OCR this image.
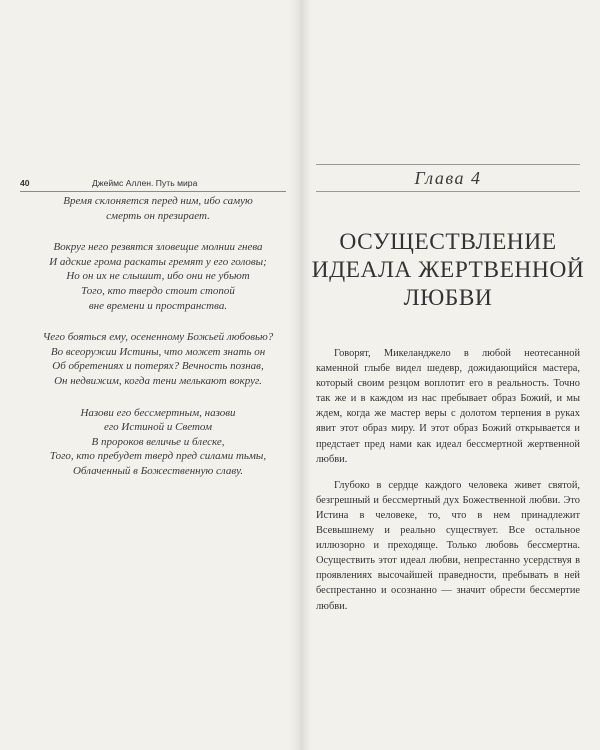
40	Джеймс Аллен. Путь мира
Время склоняется перед ним, ибо самую
смерть он презирает.
Вокруг него резвятся зловещие молнии гнева
И адские грома раскаты гремят у его головы;
Но он их не слышит, ибо они не убьют
Того, кто твердо стоит стопой
вне времени и пространства.
Чего бояться ему, осененному Божьей любовью?
Во всеоружии Истины, что может знать он
Об обретениях и потерях? Вечность познав,
Он недвижим, когда тени мелькают вокруг.
Назови его бессмертным, назови
его Истиной и Светом
В пророков величье и блеске,
Того, кто пребудет тверд пред силами тьмы,
Облаченный в Божественную славу.
Глава 4
ОСУЩЕСТВЛЕНИЕ
ИДЕАЛА ЖЕРТВЕННОЙ
ЛЮБВИ

Говорят, Микеланджело в любой неотесанной каменной глыбе видел шедевр, дожидающийся мастера, который своим резцом воплотит его в реальность. Точно так же и в каждом из нас пребывает образ Божий, и мы ждем, когда же мастер веры с долотом терпения в руках явит этот образ миру. И этот образ Божий открывается и предстает пред нами как идеал бессмертной жертвенной любви.

Глубоко в сердце каждого человека живет святой, безгрешный и бессмертный дух Божественной любви. Это Истина в человеке, то, что в нем принадлежит Всевышнему и реально существует. Все остальное иллюзорно и преходяще. Только любовь бессмертна. Осуществить этот идеал любви, непрестанно усердствуя в проявлениях высочайшей праведности, пребывать в ней беспрестанно и осознанно — значит обрести бессмертие любви.
